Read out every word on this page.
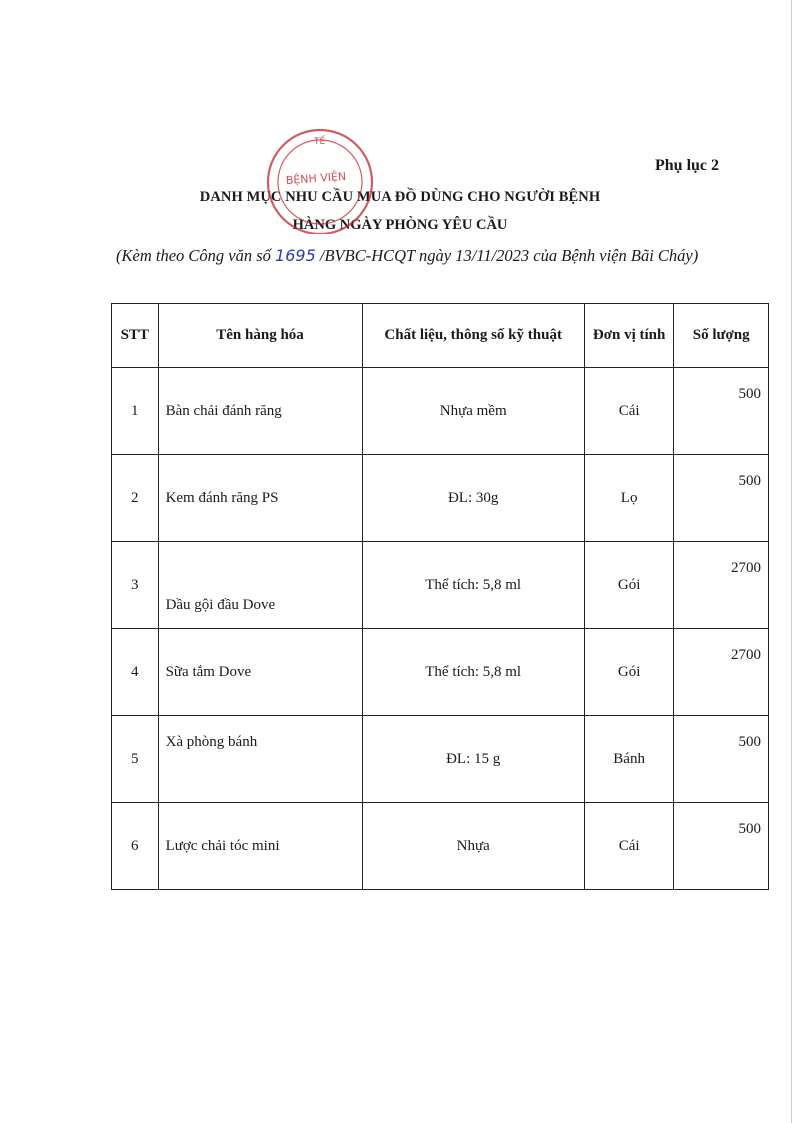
Phụ lục 2
DANH MỤC NHU CẦU MUA ĐỒ DÙNG CHO NGƯỜI BỆNH
HÀNG NGÀY PHÒNG YÊU CẦU
(Kèm theo Công văn số 1695 /BVBC-HCQT ngày 13/11/2023 của Bệnh viện Bãi Cháy)
TẾ
BỆNH VIỆN
STT	Tên hàng hóa	Chất liệu, thông số kỹ thuật	Đơn vị tính	Số lượng
1	Bàn chải đánh răng	Nhựa mềm	Cái	500
2	Kem đánh răng PS	ĐL: 30g	Lọ	500
3	Dầu gội đầu Dove	Thể tích: 5,8 ml	Gói	2700
4	Sữa tắm Dove	Thể tích: 5,8 ml	Gói	2700
5	Xà phòng bánh	ĐL: 15 g	Bánh	500
6	Lược chải tóc mini	Nhựa	Cái	500
